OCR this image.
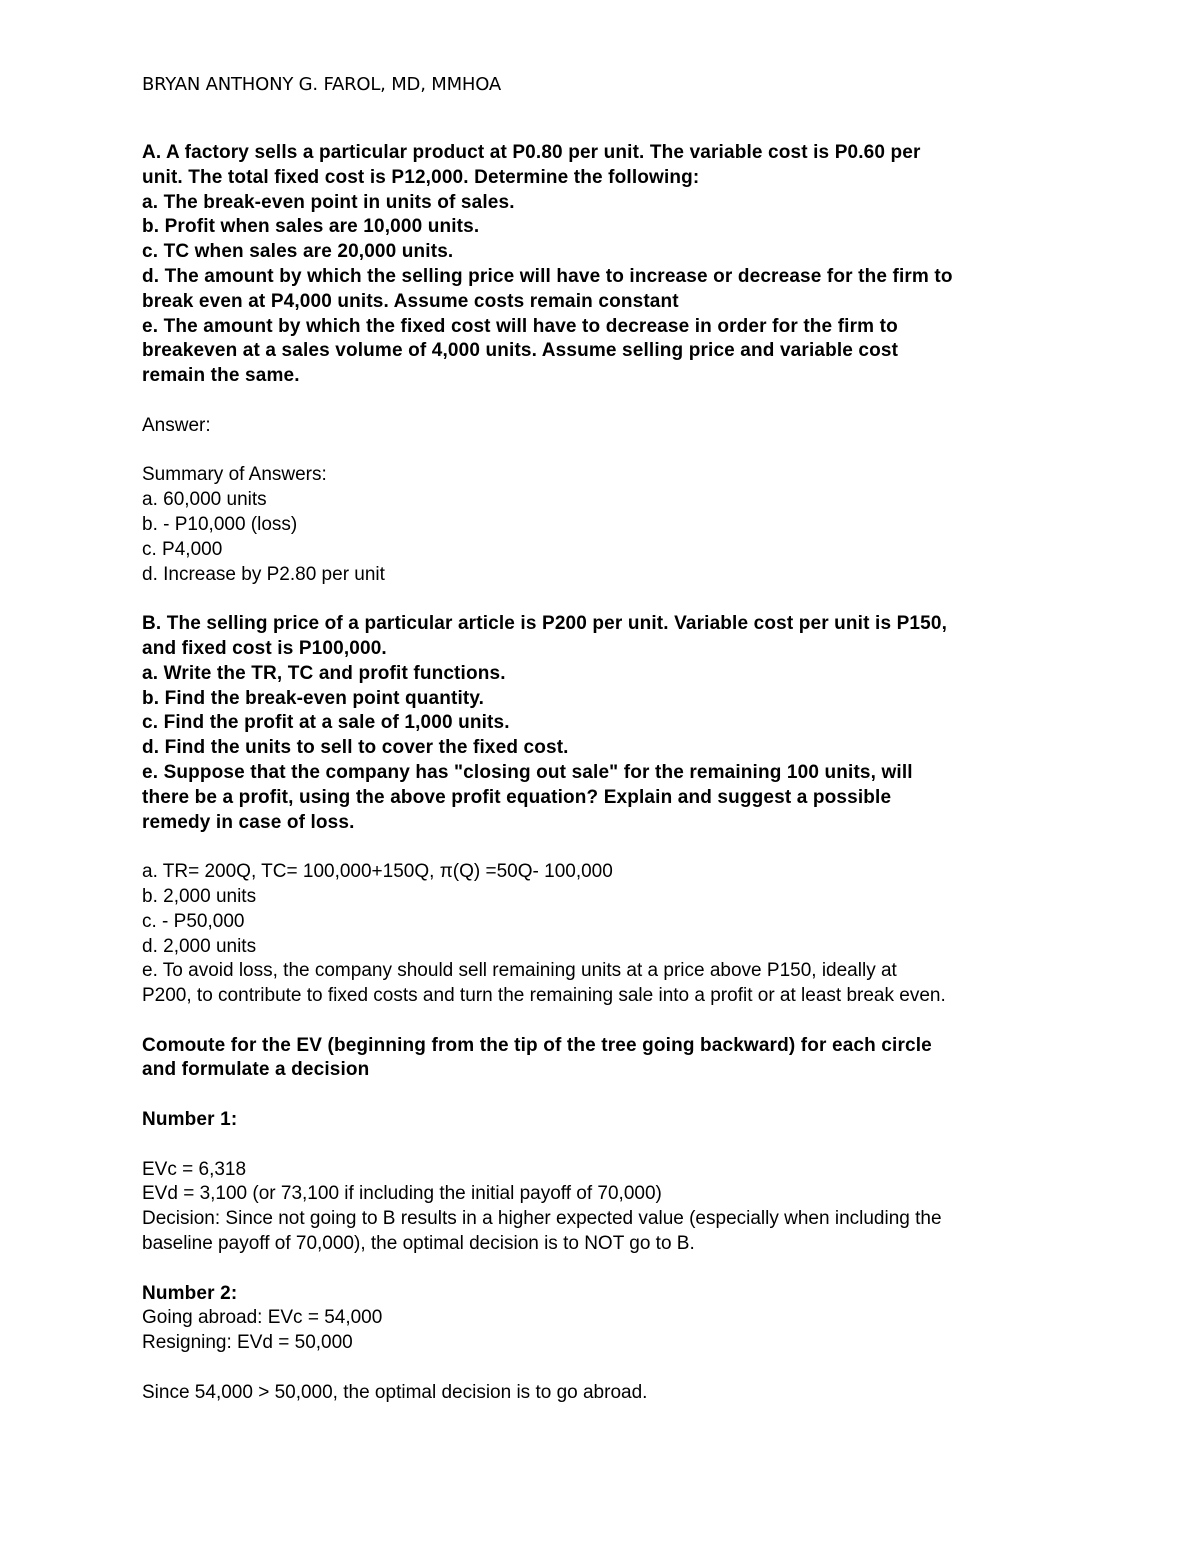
BRYAN ANTHONY G. FAROL, MD, MMHOA

A. A factory sells a particular product at P0.80 per unit. The variable cost is P0.60 per

unit. The total fixed cost is P12,000. Determine the following:

a. The break-even point in units of sales.

b. Profit when sales are 10,000 units.

c. TC when sales are 20,000 units.

d. The amount by which the selling price will have to increase or decrease for the firm to

break even at P4,000 units. Assume costs remain constant

e. The amount by which the fixed cost will have to decrease in order for the firm to

breakeven at a sales volume of 4,000 units. Assume selling price and variable cost

remain the same.

Answer:

Summary of Answers:

a. 60,000 units

b. - P10,000 (loss)

c. P4,000

d. Increase by P2.80 per unit

B. The selling price of a particular article is P200 per unit. Variable cost per unit is P150,

and fixed cost is P100,000.

a. Write the TR, TC and profit functions.

b. Find the break-even point quantity.

c. Find the profit at a sale of 1,000 units.

d. Find the units to sell to cover the fixed cost.

e. Suppose that the company has "closing out sale" for the remaining 100 units, will

there be a profit, using the above profit equation? Explain and suggest a possible

remedy in case of loss.

a. TR= 200Q, TC= 100,000+150Q, π(Q) =50Q- 100,000

b. 2,000 units

c. - P50,000

d. 2,000 units

e. To avoid loss, the company should sell remaining units at a price above P150, ideally at

P200, to contribute to fixed costs and turn the remaining sale into a profit or at least break even.

Comoute for the EV (beginning from the tip of the tree going backward) for each circle

and formulate a decision

Number 1:

EVc = 6,318

EVd = 3,100 (or 73,100 if including the initial payoff of 70,000)

Decision: Since not going to B results in a higher expected value (especially when including the

baseline payoff of 70,000), the optimal decision is to NOT go to B.

Number 2:

Going abroad: EVc = 54,000

Resigning: EVd = 50,000

Since 54,000 > 50,000, the optimal decision is to go abroad.
